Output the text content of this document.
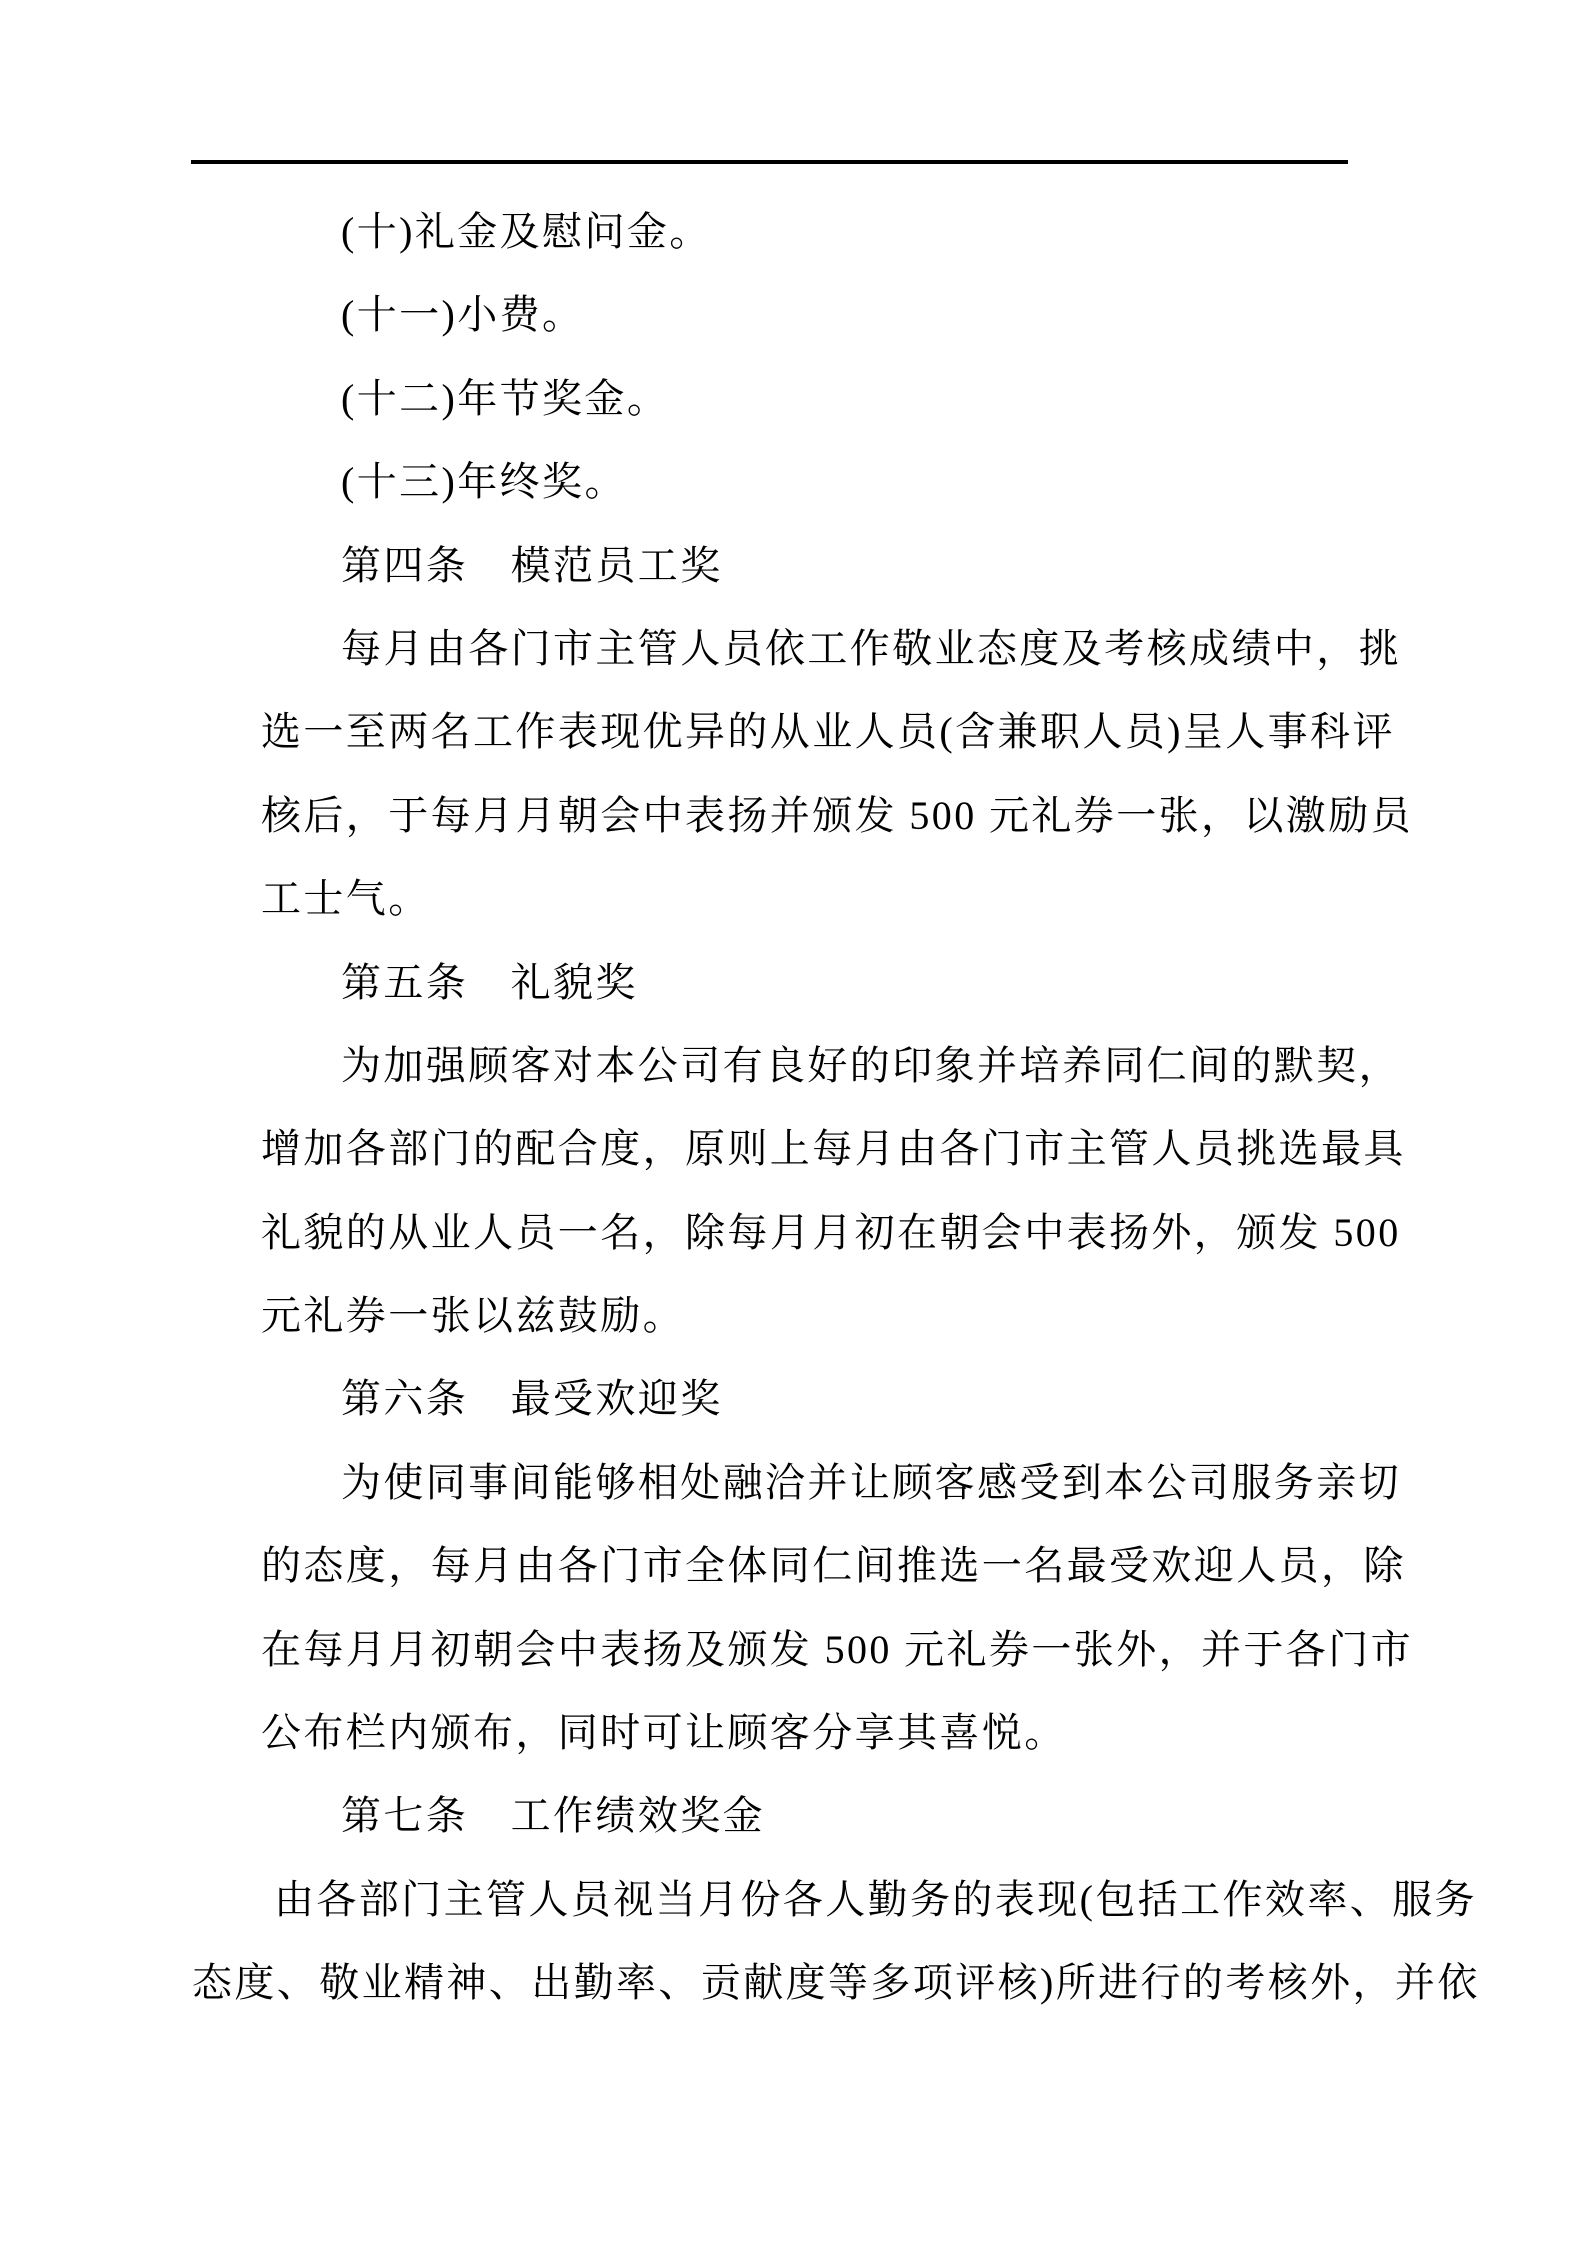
(十)礼金及慰问金。
(十一)小费。
(十二)年节奖金。
(十三)年终奖。
第四条　模范员工奖
每月由各门市主管人员依工作敬业态度及考核成绩中，挑
选一至两名工作表现优异的从业人员(含兼职人员)呈人事科评
核后，于每月月朝会中表扬并颁发 500 元礼券一张，以激励员
工士气。
第五条　礼貌奖
为加强顾客对本公司有良好的印象并培养同仁间的默契，
增加各部门的配合度，原则上每月由各门市主管人员挑选最具
礼貌的从业人员一名，除每月月初在朝会中表扬外，颁发 500
元礼券一张以兹鼓励。
第六条　最受欢迎奖
为使同事间能够相处融洽并让顾客感受到本公司服务亲切
的态度，每月由各门市全体同仁间推选一名最受欢迎人员，除
在每月月初朝会中表扬及颁发 500 元礼券一张外，并于各门市
公布栏内颁布，同时可让顾客分享其喜悦。
第七条　工作绩效奖金
由各部门主管人员视当月份各人勤务的表现(包括工作效率、服务
态度、敬业精神、出勤率、贡献度等多项评核)所进行的考核外，并依
